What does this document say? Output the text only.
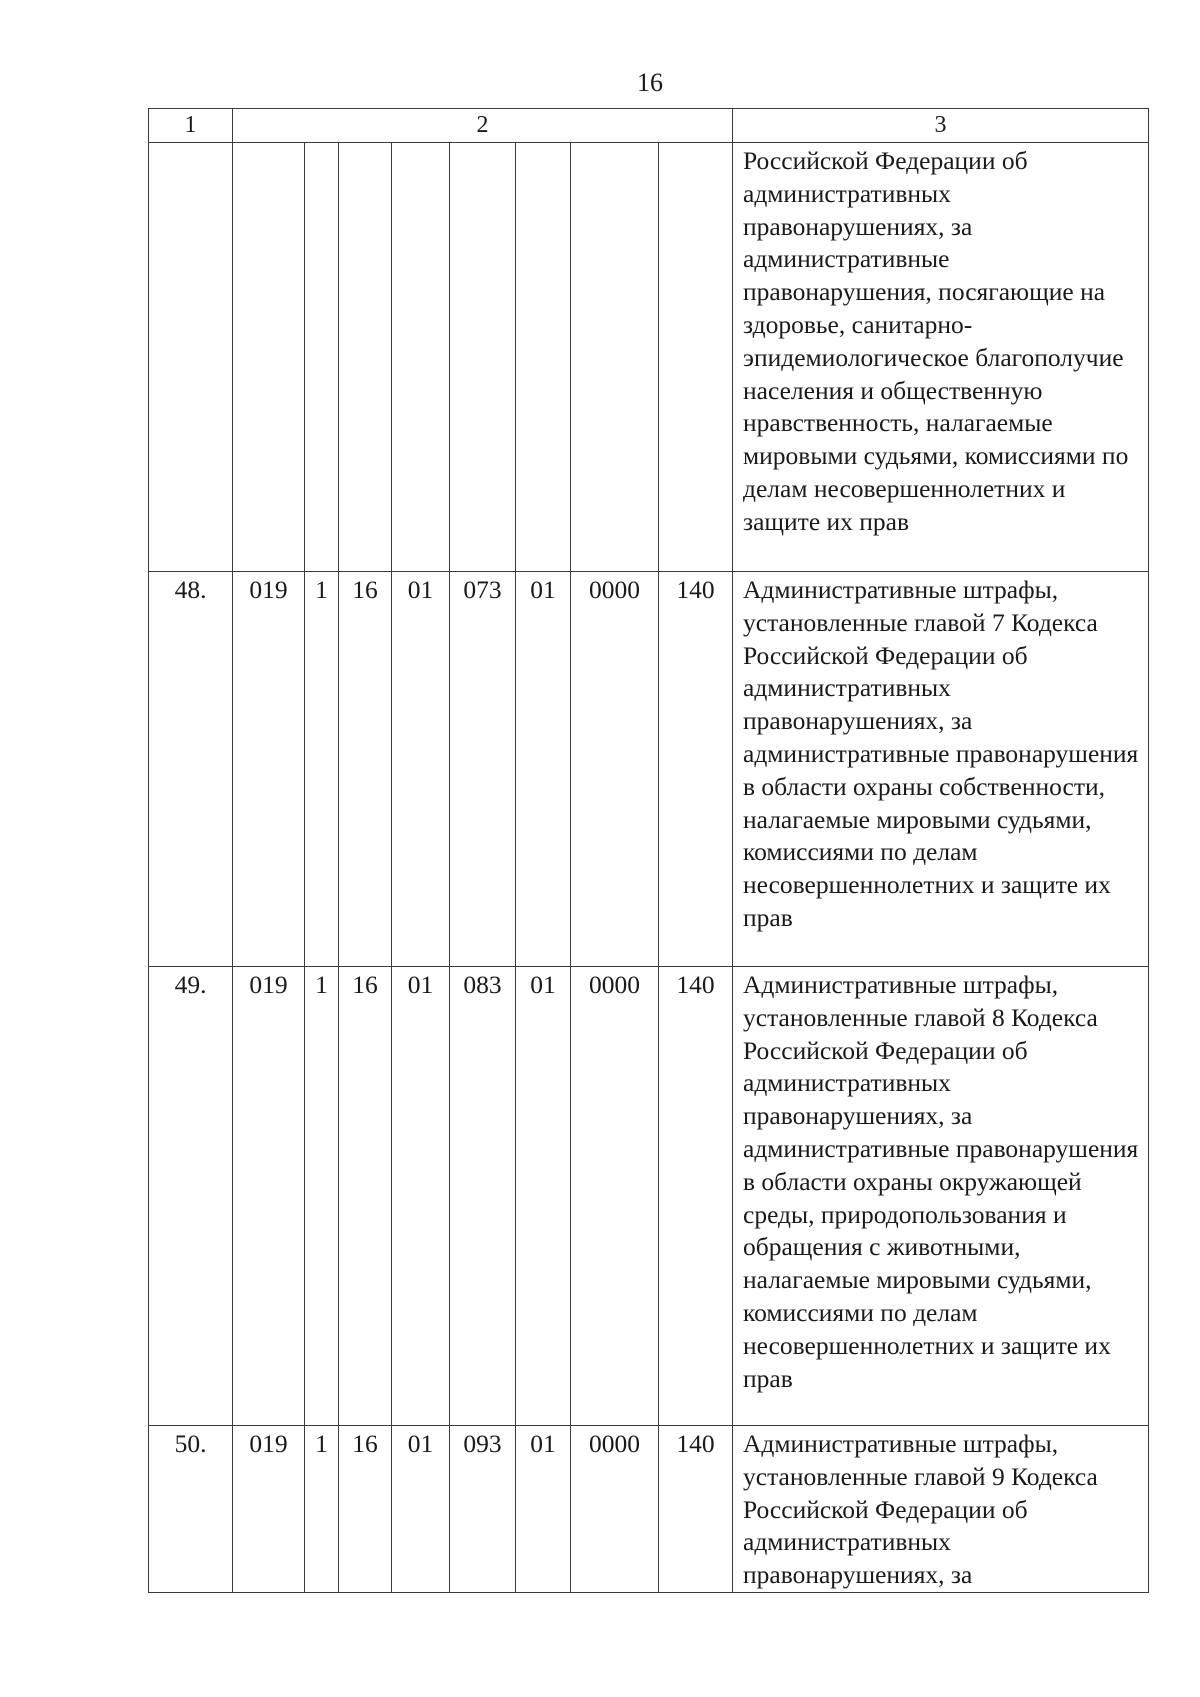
16
1	2								3
									Российской Федерации об административных правонарушениях, за административные правонарушения, посягающие на здоровье, санитарно-эпидемиологическое благополучие населения и общественную нравственность, налагаемые мировыми судьями, комиссиями по делам несовершеннолетних и защите их прав
48.	019	1	16	01	073	01	0000	140	Административные штрафы, установленные главой 7 Кодекса Российской Федерации об административных правонарушениях, за административные правонарушения в области охраны собственности, налагаемые мировыми судьями, комиссиями по делам несовершеннолетних и защите их прав
49.	019	1	16	01	083	01	0000	140	Административные штрафы, установленные главой 8 Кодекса Российской Федерации об административных правонарушениях, за административные правонарушения в области охраны окружающей среды, природопользования и обращения с животными, налагаемые мировыми судьями, комиссиями по делам несовершеннолетних и защите их прав
50.	019	1	16	01	093	01	0000	140	Административные штрафы, установленные главой 9 Кодекса Российской Федерации об административных правонарушениях, за
